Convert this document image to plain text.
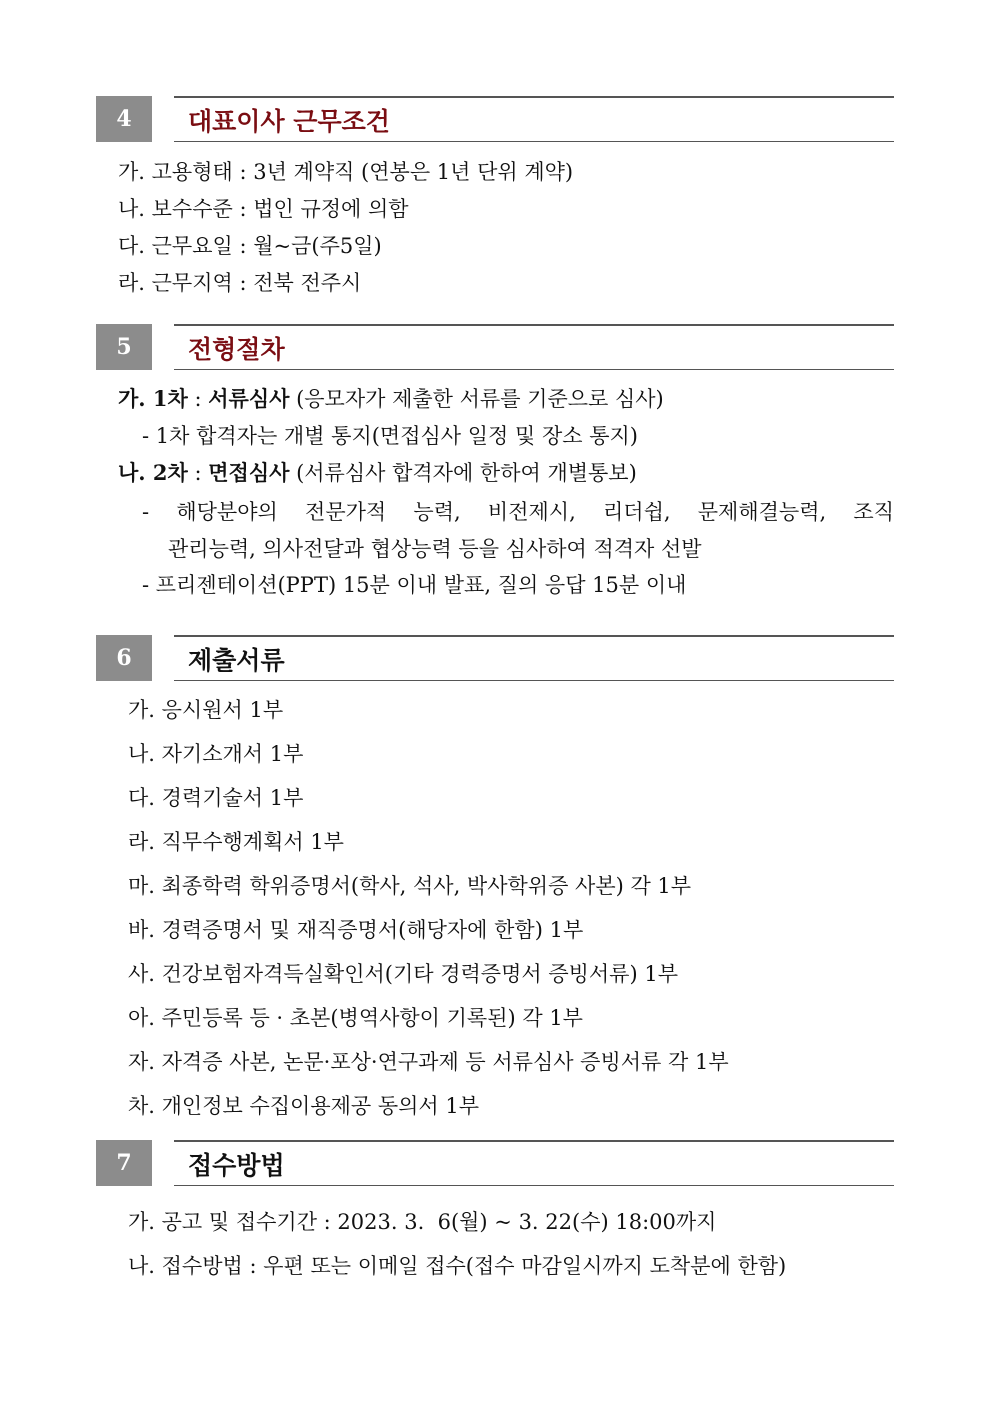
4	대표이사 근무조건
가. 고용형태 : 3년 계약직 (연봉은 1년 단위 계약)
나. 보수수준 : 법인 규정에 의함
다. 근무요일 : 월~금(주5일)
라. 근무지역 : 전북 전주시
5	전형절차
가. 1차 : 서류심사 (응모자가 제출한 서류를 기준으로 심사)
- 1차 합격자는 개별 통지(면접심사 일정 및 장소 통지)
나. 2차 : 면접심사 (서류심사 합격자에 한하여 개별통보)
- 해당분야의 전문가적 능력, 비전제시, 리더쉽, 문제해결능력, 조직
관리능력, 의사전달과 협상능력 등을 심사하여 적격자 선발
- 프리젠테이션(PPT) 15분 이내 발표, 질의 응답 15분 이내
6	제출서류
가. 응시원서 1부
나. 자기소개서 1부
다. 경력기술서 1부
라. 직무수행계획서 1부
마. 최종학력 학위증명서(학사, 석사, 박사학위증 사본) 각 1부
바. 경력증명서 및 재직증명서(해당자에 한함) 1부
사. 건강보험자격득실확인서(기타 경력증명서 증빙서류) 1부
아. 주민등록 등 · 초본(병역사항이 기록된) 각 1부
자. 자격증 사본, 논문·포상·연구과제 등 서류심사 증빙서류 각 1부
차. 개인정보 수집이용제공 동의서 1부
7	접수방법
가. 공고 및 접수기간 : 2023. 3.  6(월) ~ 3. 22(수) 18:00까지
나. 접수방법 : 우편 또는 이메일 접수(접수 마감일시까지 도착분에 한함)
